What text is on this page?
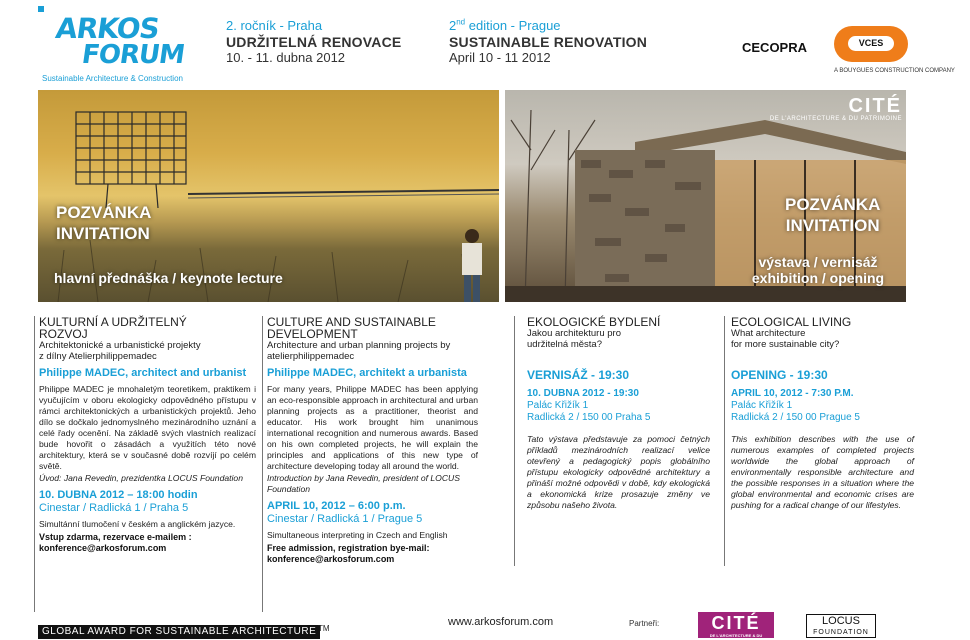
ARKOS
FORUM
Sustainable Architecture & Construction
2. ročník - Praha
UDRŽITELNÁ RENOVACE
10. - 11. dubna 2012
2nd edition - Prague
SUSTAINABLE RENOVATION
April 10 - 11 2012
CECOPRA	VCES
A BOUYGUES CONSTRUCTION COMPANY
POZVÁNKA
INVITATION
hlavní přednáška / keynote lecture
CITÉ
DE L'ARCHITECTURE & DU PATRIMOINE
POZVÁNKA
INVITATION
výstava / vernisáž
exhibition / opening
KULTURNÍ A UDRŽITELNÝ
ROZVOJ
Architektonické a urbanistické projekty
z dílny Atelierphilippemadec
Philippe MADEC, architect and urbanist
Philippe MADEC je mnohaletým teoretikem, praktikem i vyučujícím v oboru ekologicky odpovědného přístupu v rámci architektonických a urbanistických projektů. Jeho dílo se dočkalo jednomyslného mezinárodního uznání a celé řady ocenění. Na základě svých vlastních realizací bude hovořit o zásadách a využitích této nové architektury, která se v současné době rozvíjí po celém světě.
Úvod: Jana Revedin, prezidentka LOCUS Foundation
10. DUBNA 2012 – 18:00 hodin
Cinestar / Radlická 1 / Praha 5
Simultánní tlumočení v českém a anglickém jazyce.
Vstup zdarma, rezervace e-mailem :
konference@arkosforum.com
CULTURE AND SUSTAINABLE
DEVELOPMENT
Architecture and urban planning projects by
atelierphilippemadec
Philippe MADEC, architekt a urbanista
For many years, Philippe MADEC has been applying an eco-responsible approach in architectural and urban planning projects as a practitioner, theorist and educator. His work brought him unanimous international recognition and numerous awards. Based on his own completed projects, he will explain the principles and applications of this new type of architecture developing today all around the world.
Introduction by Jana Revedin, president of LOCUS Foundation
APRIL 10, 2012 – 6:00 p.m.
Cinestar / Radlická 1 / Prague 5
Simultaneous interpreting in Czech and English
Free admission, registration bye-mail:
konference@arkosforum.com
EKOLOGICKÉ BYDLENÍ
Jakou architekturu pro
udržitelná města?
VERNISÁŽ - 19:30
10. DUBNA 2012 - 19:30
Palác Křižík 1
Radlická 2 / 150 00 Praha 5
Tato výstava představuje za pomoci četných příkladů mezinárodních realizací velice otevřený a pedagogický popis globálního přístupu ekologicky odpovědné architektury a přináší možné odpovědi v době, kdy ekologická a ekonomická krize prosazuje změny ve způsobu našeho života.
ECOLOGICAL LIVING
What architecture
for more sustainable city?
OPENING - 19:30
APRIL 10, 2012 - 7:30 P.M.
Palác Křižík 1
Radlická 2 / 150 00 Prague 5
This exhibition describes with the use of numerous examples of completed projects worldwide the global approach of environmentally responsible architecture and the possible responses in a situation where the global environmental and economic crises are pushing for a radical change of our lifestyles.
GLOBAL AWARD FOR SUSTAINABLE ARCHITECTURE TM
www.arkosforum.com	Partneři:	CITÉ
DE L'ARCHITECTURE & DU PATRIMOINE
LOCUS
FOUNDATION
